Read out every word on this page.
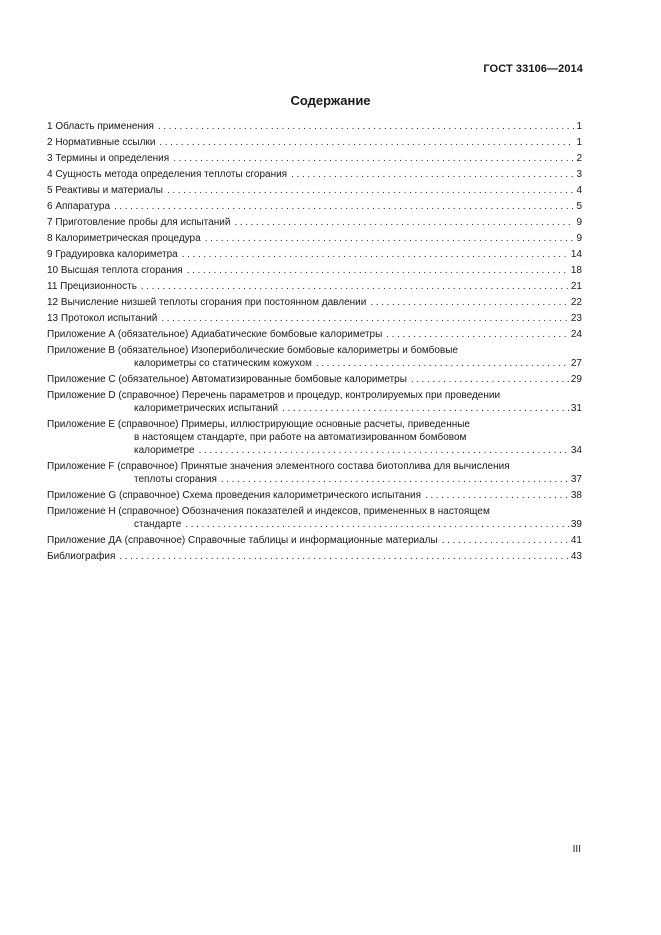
ГОСТ 33106—2014
Содержание
1 Область применения .....	1
2 Нормативные ссылки .....	1
3 Термины и определения .....	2
4 Сущность метода определения теплоты сгорания .....	3
5 Реактивы и материалы .....	4
6 Аппаратура .....	5
7 Приготовление пробы для испытаний .....	9
8 Калориметрическая процедура .....	9
9 Градуировка калориметра .....	14
10 Высшая теплота сгорания .....	18
11 Прецизионность .....	21
12 Вычисление низшей теплоты сгорания при постоянном давлении .....	22
13 Протокол испытаний .....	23
Приложение А (обязательное) Адиабатические бомбовые калориметры .....	24
Приложение В (обязательное) Изопериболические бомбовые калориметры и бомбовые
калориметры со статическим кожухом .....	27
Приложение С (обязательное) Автоматизированные бомбовые калориметры .....	29
Приложение D (справочное) Перечень параметров и процедур, контролируемых при проведении
калориметрических испытаний .....	31
Приложение Е (справочное) Примеры, иллюстрирующие основные расчеты, приведенные
в настоящем стандарте, при работе на автоматизированном бомбовом
калориметре .....	34
Приложение F (справочное) Принятые значения элементного состава биотоплива для вычисления
теплоты сгорания .....	37
Приложение G (справочное) Схема проведения калориметрического испытания .....	38
Приложение Н (справочное) Обозначения показателей и индексов, примененных в настоящем
стандарте .....	39
Приложение ДА (справочное) Справочные таблицы и информационные материалы .....	41
Библиография .....	43
III
